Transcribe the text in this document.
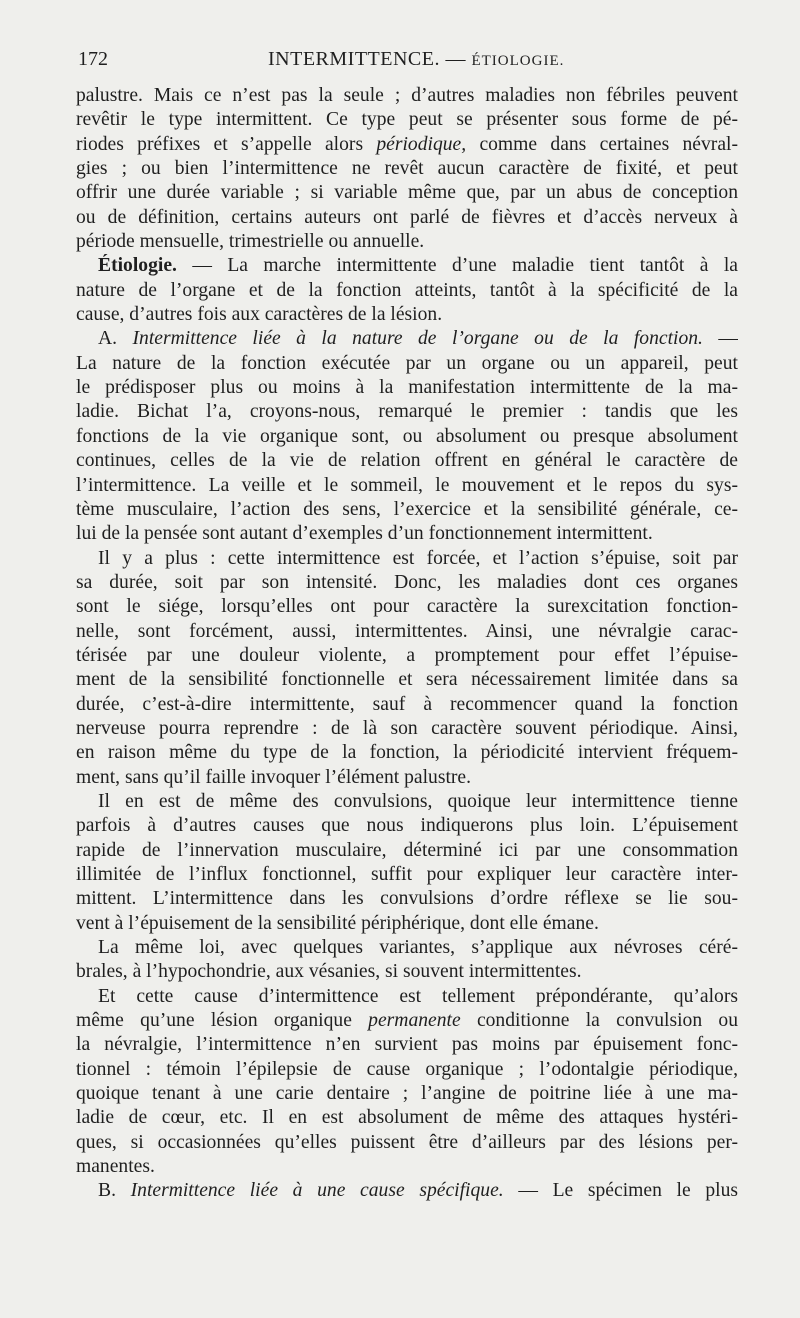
172	INTERMITTENCE. — ÉTIOLOGIE.
palustre. Mais ce n’est pas la seule ; d’autres maladies non fébriles peuvent
revêtir le type intermittent. Ce type peut se présenter sous forme de pé-
riodes préfixes et s’appelle alors périodique, comme dans certaines névral-
gies ; ou bien l’intermittence ne revêt aucun caractère de fixité, et peut
offrir une durée variable ; si variable même que, par un abus de conception
ou de définition, certains auteurs ont parlé de fièvres et d’accès nerveux à
période mensuelle, trimestrielle ou annuelle.
Étiologie. — La marche intermittente d’une maladie tient tantôt à la
nature de l’organe et de la fonction atteints, tantôt à la spécificité de la
cause, d’autres fois aux caractères de la lésion.
A. Intermittence liée à la nature de l’organe ou de la fonction. —
La nature de la fonction exécutée par un organe ou un appareil, peut
le prédisposer plus ou moins à la manifestation intermittente de la ma-
ladie. Bichat l’a, croyons-nous, remarqué le premier : tandis que les
fonctions de la vie organique sont, ou absolument ou presque absolument
continues, celles de la vie de relation offrent en général le caractère de
l’intermittence. La veille et le sommeil, le mouvement et le repos du sys-
tème musculaire, l’action des sens, l’exercice et la sensibilité générale, ce-
lui de la pensée sont autant d’exemples d’un fonctionnement intermittent.
Il y a plus : cette intermittence est forcée, et l’action s’épuise, soit par
sa durée, soit par son intensité. Donc, les maladies dont ces organes
sont le siége, lorsqu’elles ont pour caractère la surexcitation fonction-
nelle, sont forcément, aussi, intermittentes. Ainsi, une névralgie carac-
térisée par une douleur violente, a promptement pour effet l’épuise-
ment de la sensibilité fonctionnelle et sera nécessairement limitée dans sa
durée, c’est-à-dire intermittente, sauf à recommencer quand la fonction
nerveuse pourra reprendre : de là son caractère souvent périodique. Ainsi,
en raison même du type de la fonction, la périodicité intervient fréquem-
ment, sans qu’il faille invoquer l’élément palustre.
Il en est de même des convulsions, quoique leur intermittence tienne
parfois à d’autres causes que nous indiquerons plus loin. L’épuisement
rapide de l’innervation musculaire, déterminé ici par une consommation
illimitée de l’influx fonctionnel, suffit pour expliquer leur caractère inter-
mittent. L’intermittence dans les convulsions d’ordre réflexe se lie sou-
vent à l’épuisement de la sensibilité périphérique, dont elle émane.
La même loi, avec quelques variantes, s’applique aux névroses céré-
brales, à l’hypochondrie, aux vésanies, si souvent intermittentes.
Et cette cause d’intermittence est tellement prépondérante, qu’alors
même qu’une lésion organique permanente conditionne la convulsion ou
la névralgie, l’intermittence n’en survient pas moins par épuisement fonc-
tionnel : témoin l’épilepsie de cause organique ; l’odontalgie périodique,
quoique tenant à une carie dentaire ; l’angine de poitrine liée à une ma-
ladie de cœur, etc. Il en est absolument de même des attaques hystéri-
ques, si occasionnées qu’elles puissent être d’ailleurs par des lésions per-
manentes.
B. Intermittence liée à une cause spécifique. — Le spécimen le plus
